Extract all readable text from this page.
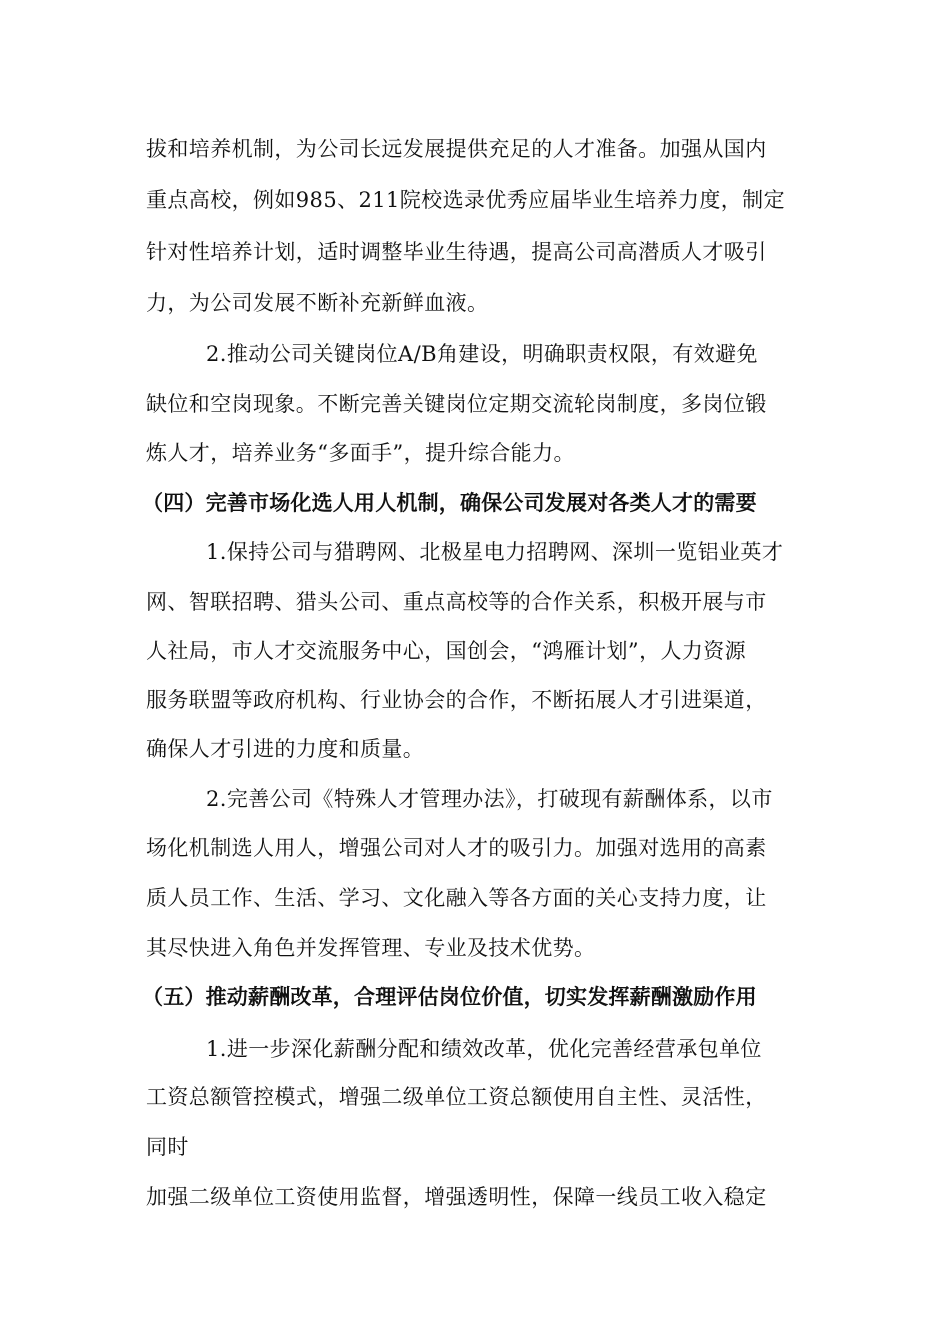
拔和培养机制，为公司长远发展提供充足的人才准备。加强从国内
重点高校，例如985、211院校选录优秀应届毕业生培养力度，制定
针对性培养计划，适时调整毕业生待遇，提高公司高潜质人才吸引
力，为公司发展不断补充新鲜血液。
2.推动公司关键岗位A/B角建设，明确职责权限，有效避免
缺位和空岗现象。不断完善关键岗位定期交流轮岗制度，多岗位锻
炼人才，培养业务“多面手”，提升综合能力。
（四）完善市场化选人用人机制，确保公司发展对各类人才的需要
1.保持公司与猎聘网、北极星电力招聘网、深圳一览铝业英才
网、智联招聘、猎头公司、重点高校等的合作关系，积极开展与市
人社局，市人才交流服务中心，国创会，“鸿雁计划”，人力资源
服务联盟等政府机构、行业协会的合作，不断拓展人才引进渠道，
确保人才引进的力度和质量。
2.完善公司《特殊人才管理办法》，打破现有薪酬体系，以市
场化机制选人用人，增强公司对人才的吸引力。加强对选用的高素
质人员工作、生活、学习、文化融入等各方面的关心支持力度，让
其尽快进入角色并发挥管理、专业及技术优势。
（五）推动薪酬改革，合理评估岗位价值，切实发挥薪酬激励作用
1.进一步深化薪酬分配和绩效改革，优化完善经营承包单位
工资总额管控模式，增强二级单位工资总额使用自主性、灵活性，
同时
加强二级单位工资使用监督，增强透明性，保障一线员工收入稳定
